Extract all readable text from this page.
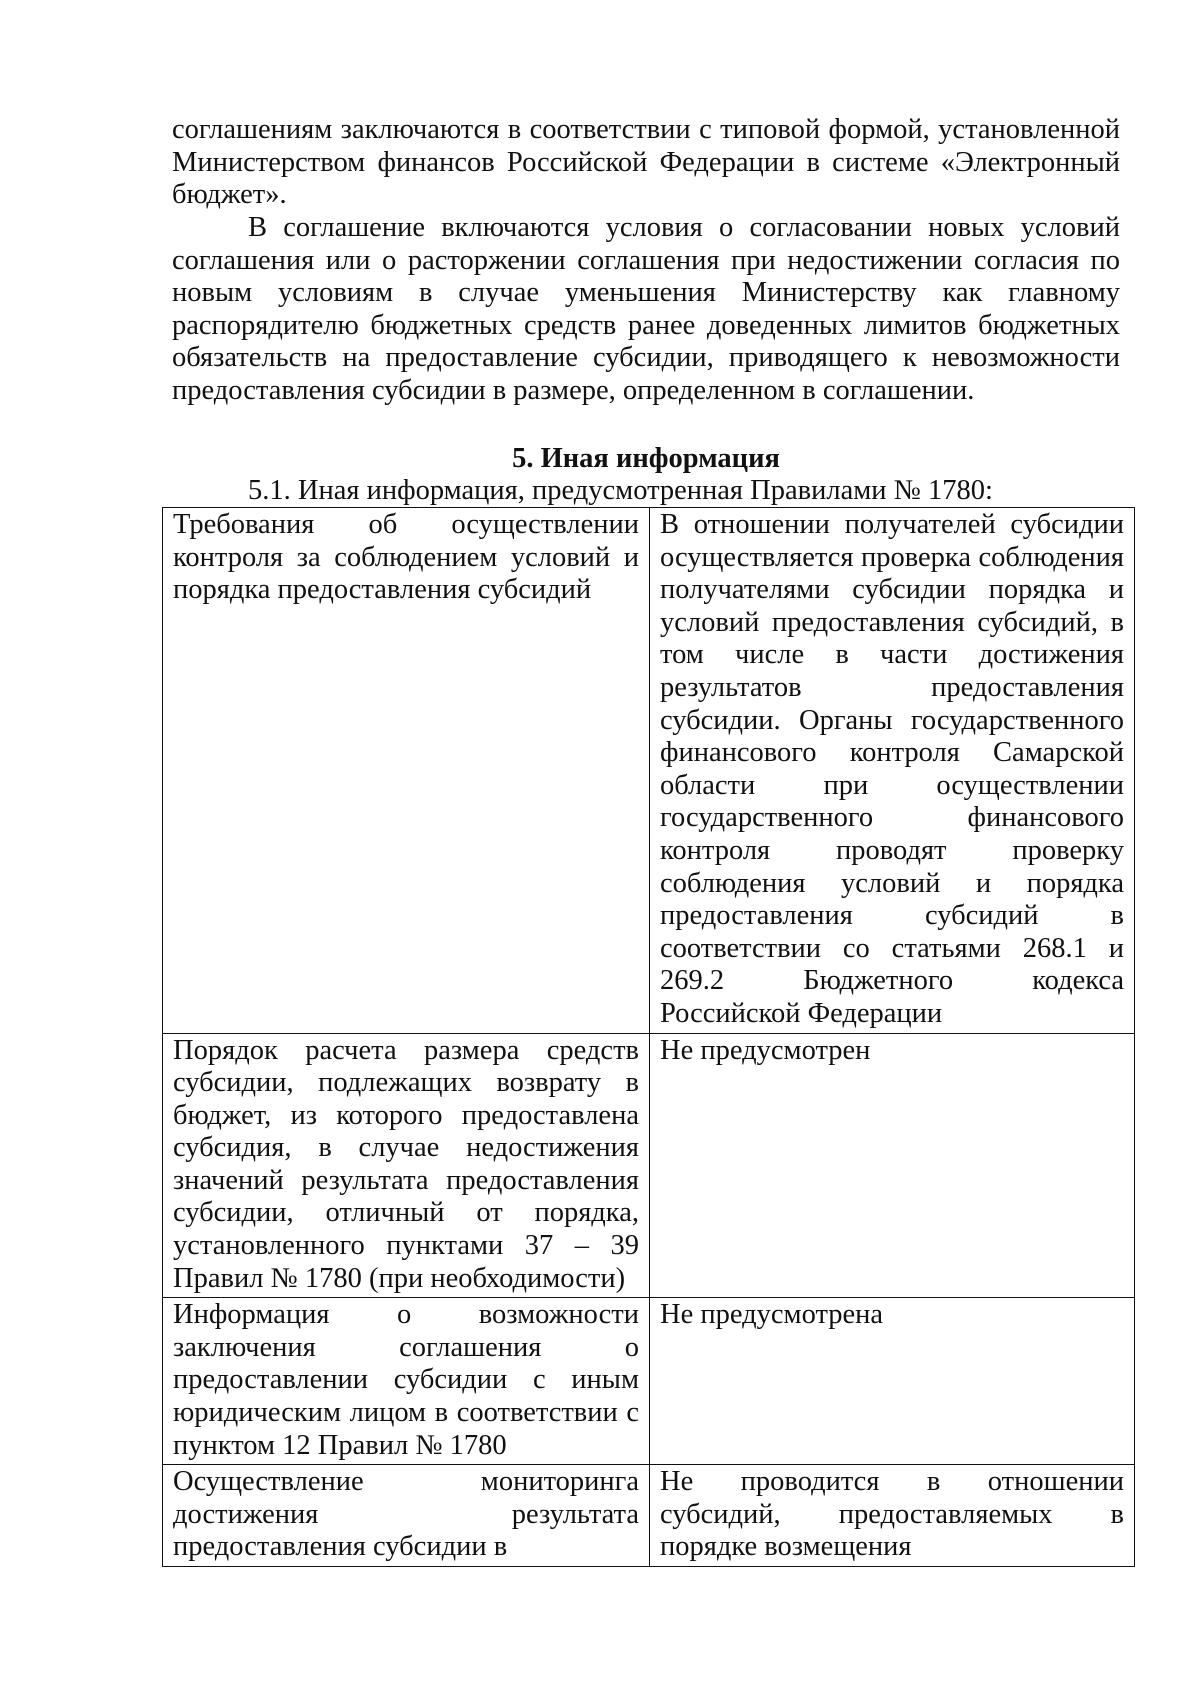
соглашениям заключаются в соответствии с типовой формой, установленной Министерством финансов Российской Федерации в системе «Электронный бюджет».

В соглашение включаются условия о согласовании новых условий соглашения или о расторжении соглашения при недостижении согласия по новым условиям в случае уменьшения Министерству как главному распорядителю бюджетных средств ранее доведенных лимитов бюджетных обязательств на предоставление субсидии, приводящего к невозможности предоставления субсидии в размере, определенном в соглашении.

5. Иная информация

5.1. Иная информация, предусмотренная Правилами № 1780:

Требования об осуществлении контроля за соблюдением условий и порядка предоставления субсидий	В отношении получателей субсидии осуществляется проверка соблюдения получателями субсидии порядка и условий предоставления субсидий, в том числе в части достижения результатов предоставления субсидии. Органы государственного финансового контроля Самарской области при осуществлении государственного финансового контроля проводят проверку соблюдения условий и порядка предоставления субсидий в соответствии со статьями 268.1 и 269.2 Бюджетного кодекса Российской Федерации

Порядок расчета размера средств субсидии, подлежащих возврату в бюджет, из которого предоставлена субсидия, в случае недостижения значений результата предоставления субсидии, отличный от порядка, установленного пунктами 37 – 39 Правил № 1780 (при необходимости)	Не предусмотрен

Информация о возможности заключения соглашения о предоставлении субсидии с иным юридическим лицом в соответствии с пунктом 12 Правил № 1780	Не предусмотрена

Осуществление мониторинга достижения результата предоставления субсидии в	Не проводится в отношении субсидий, предоставляемых в порядке возмещения
